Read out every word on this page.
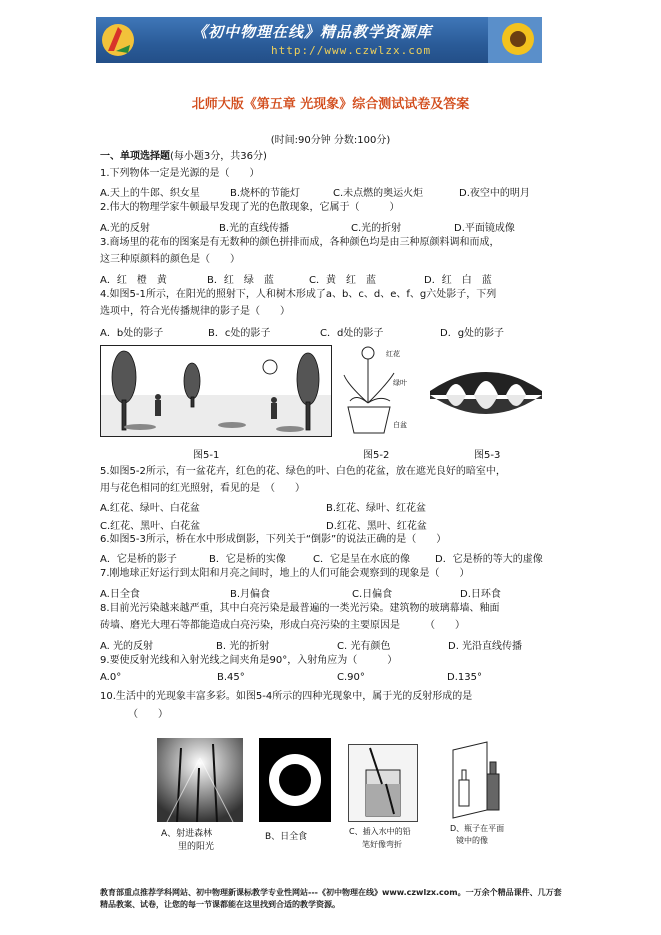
《初中物理在线》精品教学资源库
http://www.czwlzx.com
北师大版《第五章 光现象》综合测试试卷及答案
(时间:90分钟 分数:100分)
一、单项选择题(每小题3分，共36分)
1.下列物体一定是光源的是（　　）
A.天上的牛郎、织女星	B.烧杯的节能灯	C.未点燃的奥运火炬	D.夜空中的明月
2.伟大的物理学家牛顿最早发现了光的色散现象，它属于（　　　）
A.光的反射	B.光的直线传播	C.光的折射	D.平面镜成像
3.商场里的花布的图案是有无数种的颜色拼排而成，各种颜色均是由三种原颜料调和而成，
这三种原颜料的颜色是（　　）
A．红　橙　黄	B．红　绿　蓝	C．黄　红　蓝	D．红　白　蓝
4.如图5-1所示，在阳光的照射下，人和树木形成了a、b、c、d、e、f、g六处影子，下列
选项中，符合光传播规律的影子是（　　）
A．b处的影子	B．c处的影子	C．d处的影子	D．g处的影子
图5-1
红花
绿叶
白盆
图5-2	图5-3
5.如图5-2所示，有一盆花卉，红色的花、绿色的叶、白色的花盆，放在遮光良好的暗室中，
用与花色相同的红光照射，看见的是　（　　）
A.红花、绿叶、白花盆	B.红花、绿叶、红花盆
C.红花、黑叶、白花盆	D.红花、黑叶、红花盆
6.如图5-3所示，桥在水中形成倒影，下列关于“倒影”的说法正确的是（　　）
A．它是桥的影子	B．它是桥的实像	C．它是呈在水底的像	D．它是桥的等大的虚像
7.刚地球正好运行到太阳和月亮之间时，地上的人们可能会观察到的现象是（　　）
A.日全食	B.月偏食	C.日偏食	D.日环食
8.目前光污染越来越严重，其中白亮污染是最普遍的一类光污染。建筑物的玻璃幕墙、釉面
砖墙、磨光大理石等都能造成白亮污染，形成白亮污染的主要原因是　　　（　　）
A. 光的反射	B. 光的折射	C. 光有颜色	D. 光沿直线传播
9.要使反射光线和入射光线之间夹角是90°，入射角应为（　　　）
A.0°	B.45°	C.90°	D.135°
10.生活中的光现象丰富多彩。如图5-4所示的四种光现象中，属于光的反射形成的是
（　　）
A、射进森林
里的阳光
B、日全食
C、插入水中的铅
笔好像弯折
D、瓶子在平面
镜中的像
教育部重点推荐学科网站、初中物理新课标教学专业性网站---《初中物理在线》www.czwlzx.com。一万余个精品课件、几万套精品教案、试卷，让您的每一节课都能在这里找到合适的教学资源。
